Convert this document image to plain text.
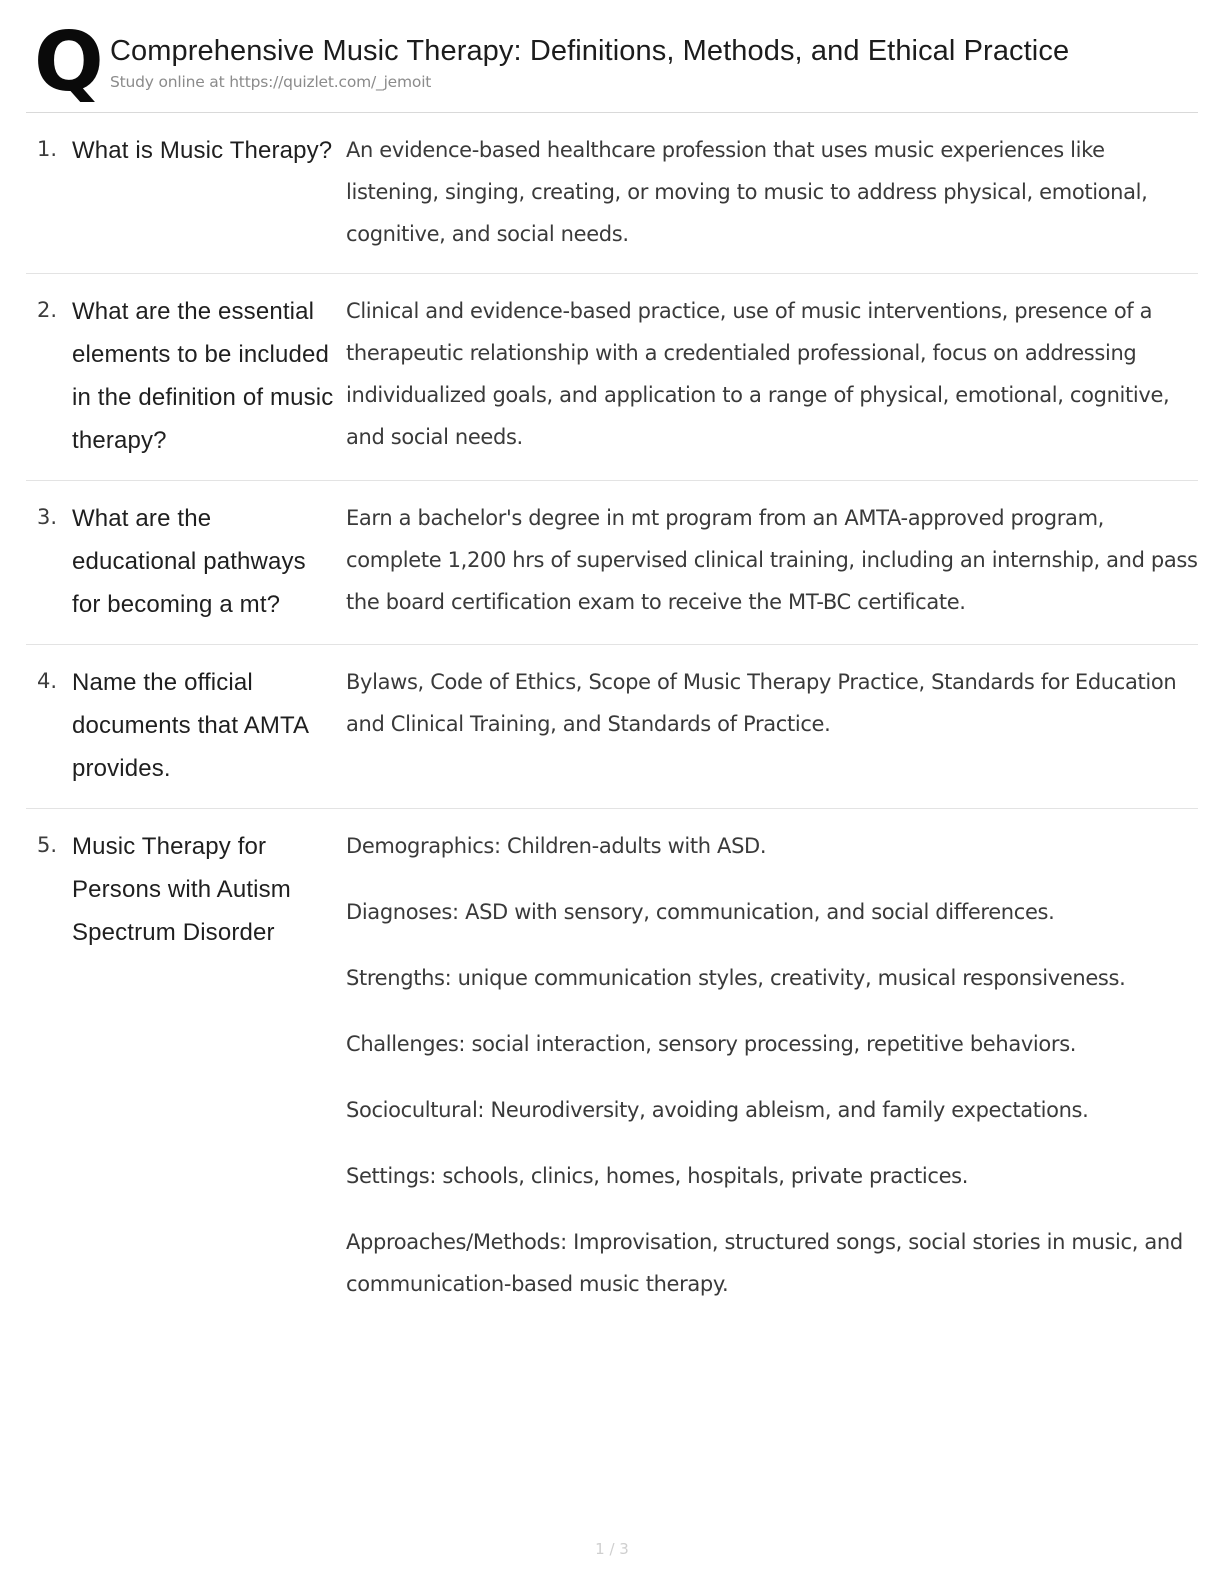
Q Comprehensive Music Therapy: Definitions, Methods, and Ethical Practice
Study online at https://quizlet.com/_jemoit
1. What is Music Therapy? An evidence-based healthcare profession that uses music experiences like listening, singing, creating, or moving to music to address physical, emotional, cognitive, and social needs.

2. What are the essential elements to be included in the definition of music therapy?

Clinical and evidence-based practice, use of music interventions, presence of a therapeutic relationship with a credentialed professional, focus on addressing individualized goals, and application to a range of physical, emotional, cognitive, and social needs.

3. What are the educational pathways for becoming a mt?

Earn a bachelor's degree in mt program from an AMTA-approved program, complete 1,200 hrs of supervised clinical training, including an internship, and pass the board certification exam to receive the MT-BC certificate.

4. Name the official documents that AMTA provides.

Bylaws, Code of Ethics, Scope of Music Therapy Practice, Standards for Education and Clinical Training, and Standards of Practice.

5. Music Therapy for Persons with Autism Spectrum Disorder

Demographics: Children-adults with ASD.

Diagnoses: ASD with sensory, communication, and social differences.

Strengths: unique communication styles, creativity, musical responsiveness.

Challenges: social interaction, sensory processing, repetitive behaviors.

Sociocultural: Neurodiversity, avoiding ableism, and family expectations.

Settings: schools, clinics, homes, hospitals, private practices.

Approaches/Methods: Improvisation, structured songs, social stories in music, and communication-based music therapy.

1 / 3
